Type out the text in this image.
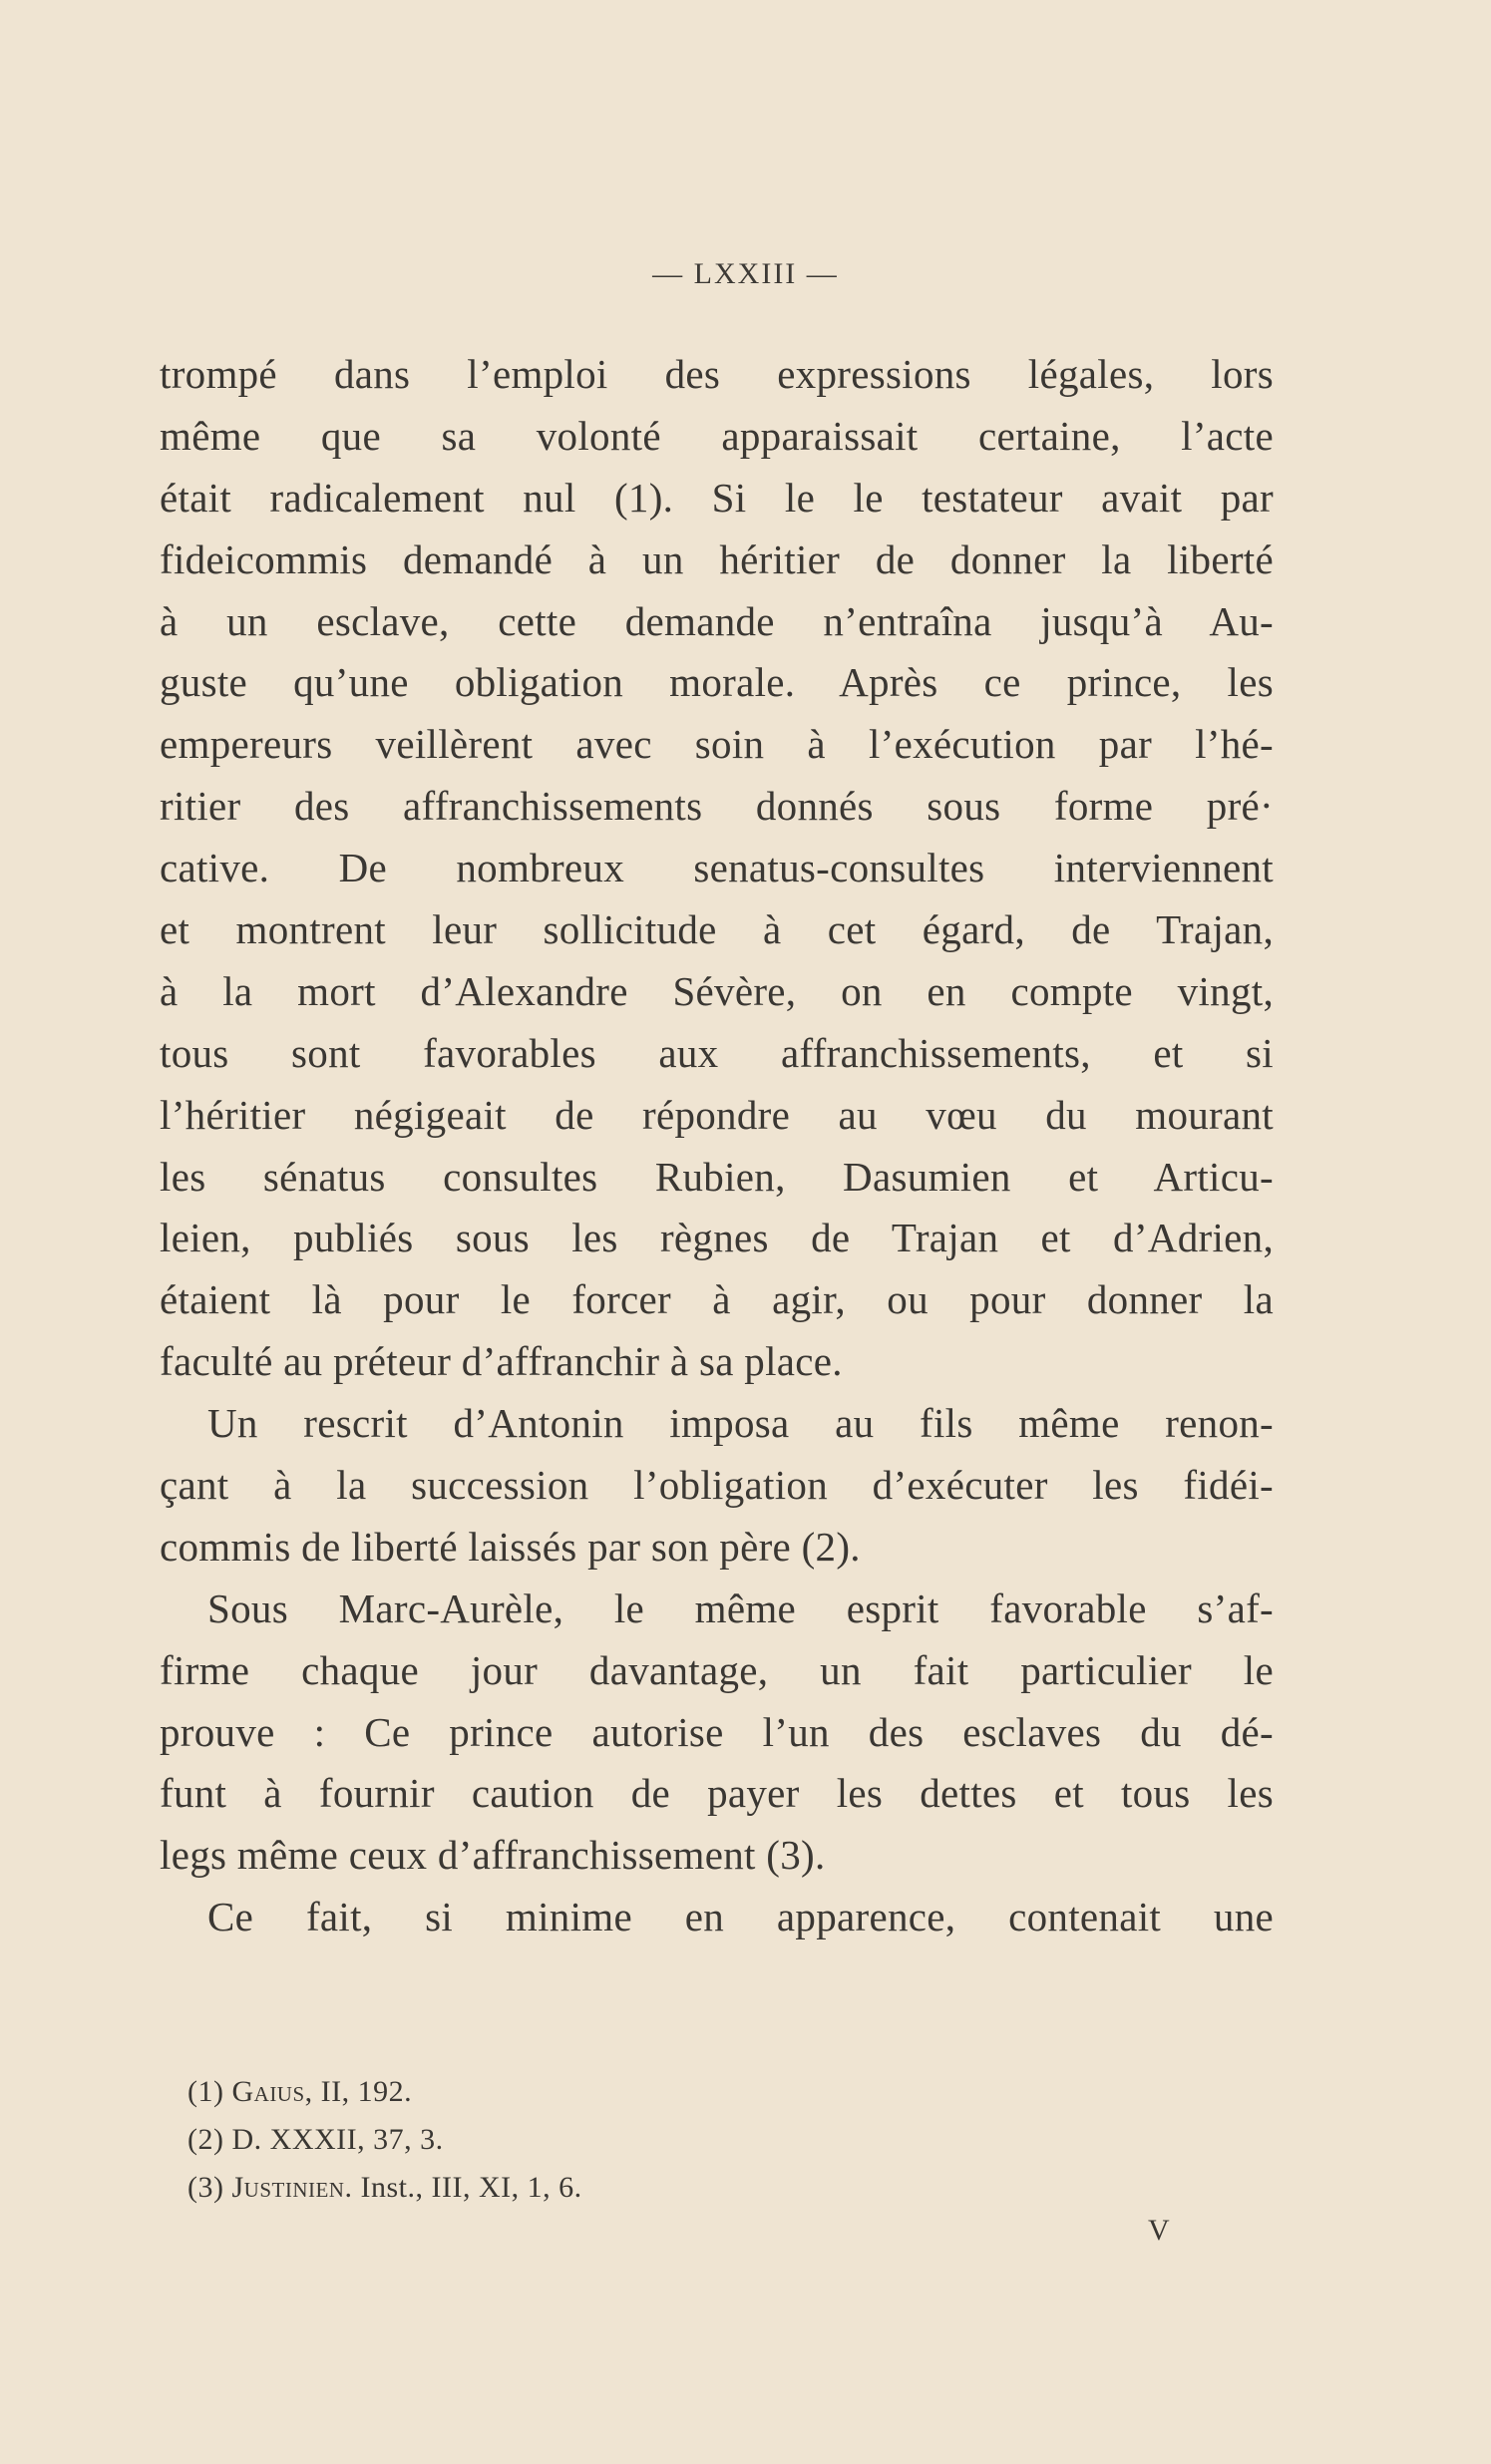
— LXXIII —
trompé dans l’emploi des expressions légales, lors
même que sa volonté apparaissait certaine, l’acte
était radicalement nul (1). Si le le testateur avait par
fideicommis demandé à un héritier de donner la liberté
à un esclave, cette demande n’entraîna jusqu’à Au-
guste qu’une obligation morale. Après ce prince, les
empereurs veillèrent avec soin à l’exécution par l’hé-
ritier des affranchissements donnés sous forme pré·
cative. De nombreux senatus-consultes interviennent
et montrent leur sollicitude à cet égard, de Trajan,
à la mort d’Alexandre Sévère, on en compte vingt,
tous sont favorables aux affranchissements, et si
l’héritier négigeait de répondre au vœu du mourant
les sénatus consultes Rubien, Dasumien et Articu-
leien, publiés sous les règnes de Trajan et d’Adrien,
étaient là pour le forcer à agir, ou pour donner la
faculté au préteur d’affranchir à sa place.
Un rescrit d’Antonin imposa au fils même renon-
çant à la succession l’obligation d’exécuter les fidéi-
commis de liberté laissés par son père (2).
Sous Marc-Aurèle, le même esprit favorable s’af-
firme chaque jour davantage, un fait particulier le
prouve : Ce prince autorise l’un des esclaves du dé-
funt à fournir caution de payer les dettes et tous les
legs même ceux d’affranchissement (3).
Ce fait, si minime en apparence, contenait une
(1) Gaius, II, 192.
(2) D. XXXII, 37, 3.
(3) Justinien. Inst., III, XI, 1, 6.
V
